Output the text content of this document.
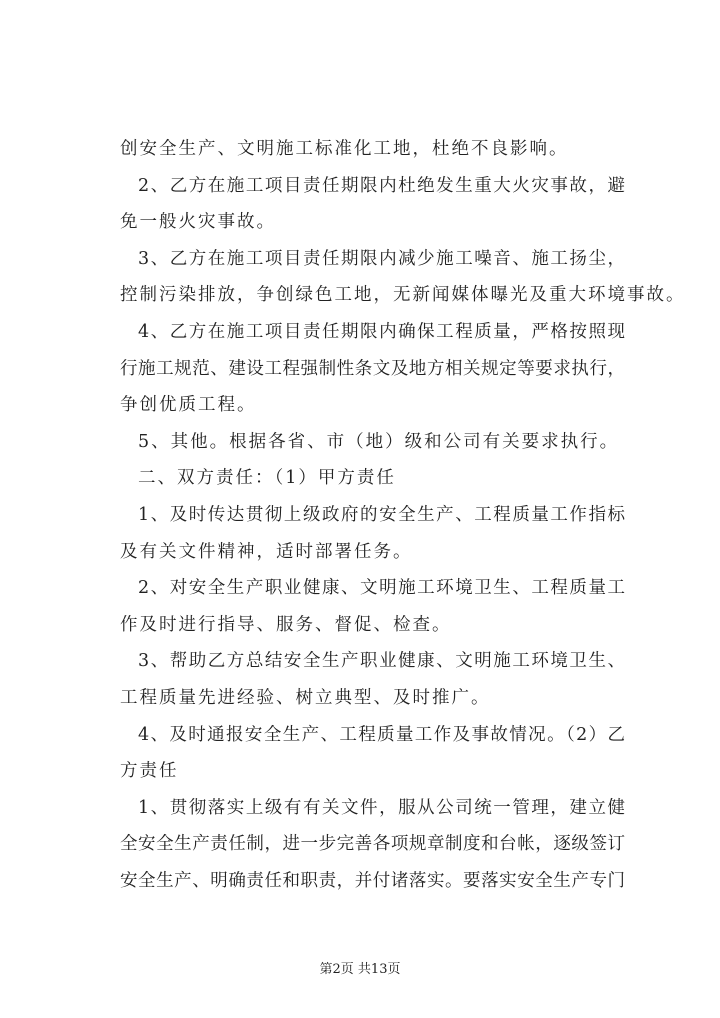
创安全生产、文明施工标准化工地，杜绝不良影响。
2、乙方在施工项目责任期限内杜绝发生重大火灾事故，避
免一般火灾事故。
3、乙方在施工项目责任期限内减少施工噪音、施工扬尘，
控制污染排放，争创绿色工地，无新闻媒体曝光及重大环境事故。
4、乙方在施工项目责任期限内确保工程质量，严格按照现
行施工规范、建设工程强制性条文及地方相关规定等要求执行，
争创优质工程。
5、其他。根据各省、市（地）级和公司有关要求执行。
二、双方责任：（1）甲方责任
1、及时传达贯彻上级政府的安全生产、工程质量工作指标
及有关文件精神，适时部署任务。
2、对安全生产职业健康、文明施工环境卫生、工程质量工
作及时进行指导、服务、督促、检查。
3、帮助乙方总结安全生产职业健康、文明施工环境卫生、
工程质量先进经验、树立典型、及时推广。
4、及时通报安全生产、工程质量工作及事故情况。（2）乙
方责任
1、贯彻落实上级有有关文件，服从公司统一管理，建立健
全安全生产责任制，进一步完善各项规章制度和台帐，逐级签订
安全生产、明确责任和职责，并付诸落实。要落实安全生产专门
第2页 共13页
